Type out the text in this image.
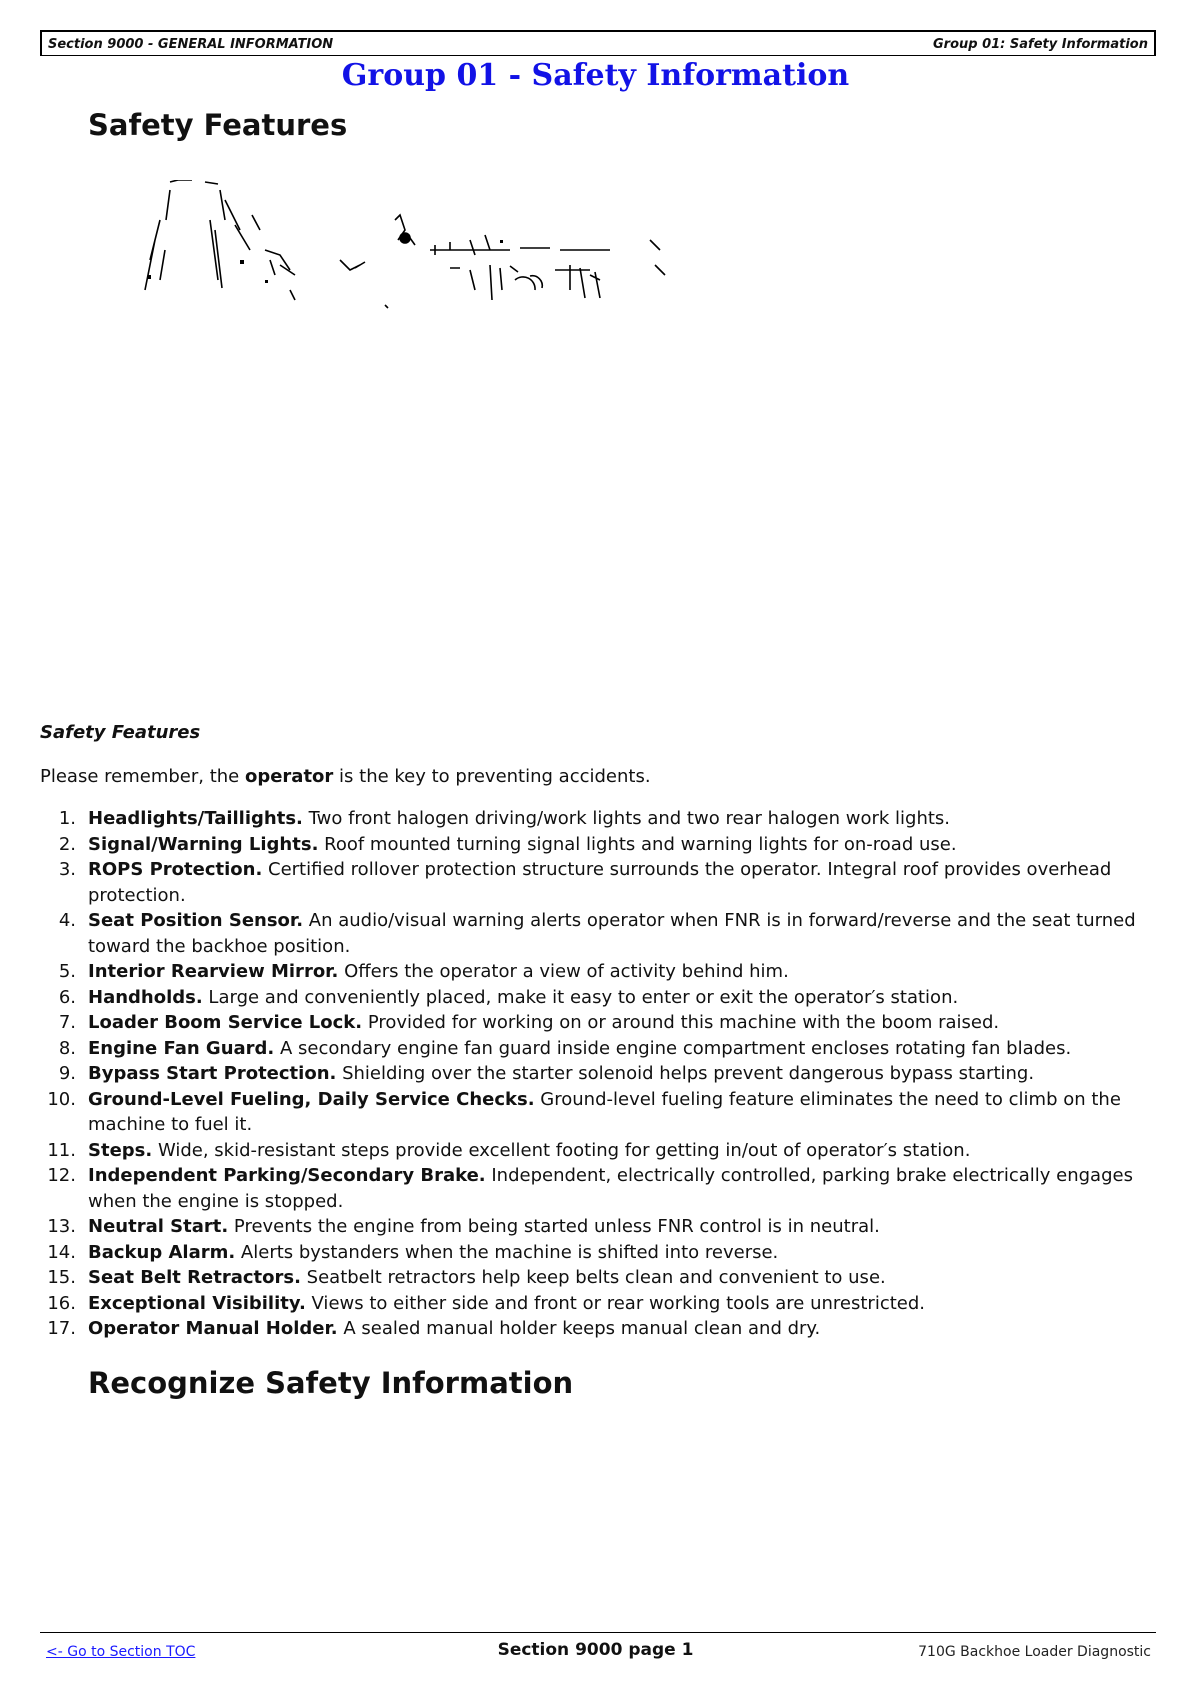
Section 9000 - GENERAL INFORMATION	Group 01: Safety Information
Group 01 - Safety Information
Safety Features
Safety Features
Please remember, the operator is the key to preventing accidents.
1. Headlights/Taillights. Two front halogen driving/work lights and two rear halogen work lights.
2. Signal/Warning Lights. Roof mounted turning signal lights and warning lights for on-road use.
3. ROPS Protection. Certified rollover protection structure surrounds the operator. Integral roof provides overhead protection.
4. Seat Position Sensor. An audio/visual warning alerts operator when FNR is in forward/reverse and the seat turned toward the backhoe position.
5. Interior Rearview Mirror. Offers the operator a view of activity behind him.
6. Handholds. Large and conveniently placed, make it easy to enter or exit the operator′s station.
7. Loader Boom Service Lock. Provided for working on or around this machine with the boom raised.
8. Engine Fan Guard. A secondary engine fan guard inside engine compartment encloses rotating fan blades.
9. Bypass Start Protection. Shielding over the starter solenoid helps prevent dangerous bypass starting.
10. Ground-Level Fueling, Daily Service Checks. Ground-level fueling feature eliminates the need to climb on the machine to fuel it.
11. Steps. Wide, skid-resistant steps provide excellent footing for getting in/out of operator′s station.
12. Independent Parking/Secondary Brake. Independent, electrically controlled, parking brake electrically engages when the engine is stopped.
13. Neutral Start. Prevents the engine from being started unless FNR control is in neutral.
14. Backup Alarm. Alerts bystanders when the machine is shifted into reverse.
15. Seat Belt Retractors. Seatbelt retractors help keep belts clean and convenient to use.
16. Exceptional Visibility. Views to either side and front or rear working tools are unrestricted.
17. Operator Manual Holder. A sealed manual holder keeps manual clean and dry.
Recognize Safety Information
<- Go to Section TOC	Section 9000 page 1	710G Backhoe Loader Diagnostic
